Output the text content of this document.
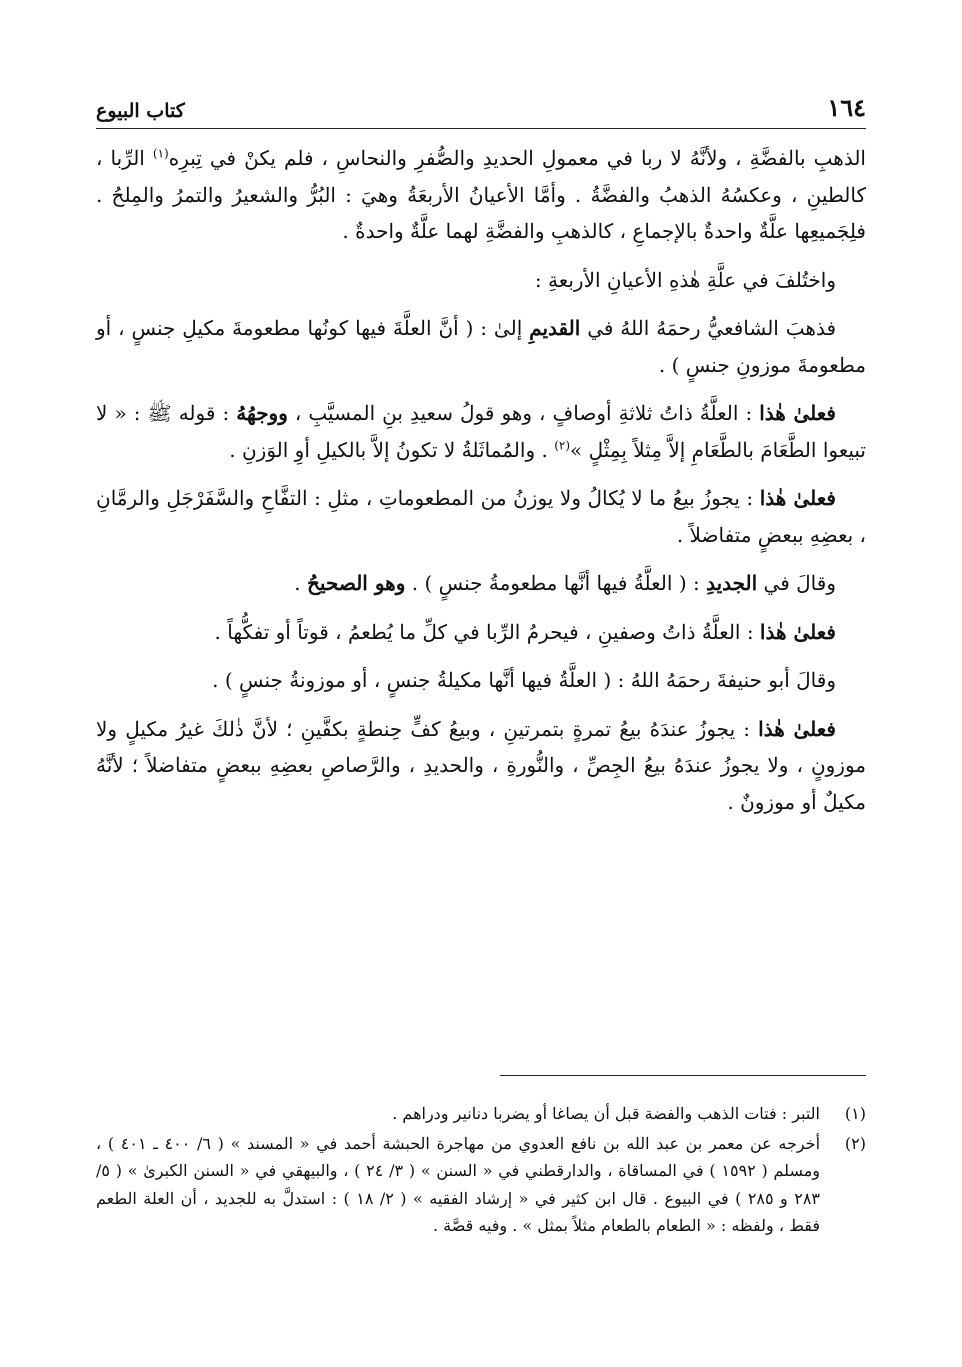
كتاب البيوع	١٦٤

الذهبِ بالفضَّةِ ، ولأنَّهُ لا ربا في معمولِ الحديدِ والصُّفرِ والنحاسِ ، فلم يكنْ في تِبرِه$^{(١)}$ الرِّبا ، كالطينِ ، وعكسُهُ الذهبُ والفضَّةُ . وأمَّا الأعيانُ الأربعَةُ وهيَ : البُرُّ والشعيرُ والتمرُ والمِلحُ . فلِجَميعِها علَّةٌ واحدةٌ بالإجماعِ ، كالذهبِ والفضَّةِ لهما علَّةٌ واحدةٌ .

واختُلفَ في علَّةِ هٰذهِ الأعيانِ الأربعةِ :

فذهبَ الشافعيُّ رحمَهُ اللهُ في القديمِ إلىٰ : ( أنَّ العلَّةَ فيها كونُها مطعومةَ مكيلِ جنسٍ ، أو مطعومةَ موزونِ جنسٍ ) .

فعلىٰ هٰذا : العلَّةُ ذاتُ ثلاثةِ أوصافٍ ، وهو قولُ سعيدِ بنِ المسيَّبِ ، ووجهُهُ : قوله ﷺ : « لا تبيعوا الطَّعَامَ بالطَّعَامِ إلاَّ مِثلاً بِمِثْلٍ »$^{(٢)}$ . والمُماثَلةُ لا تكونُ إلاَّ بالكيلِ أوِ الوَزنِ .

فعلىٰ هٰذا : يجوزُ بيعُ ما لا يُكالُ ولا يوزنُ من المطعوماتِ ، مثلِ : التفَّاحِ والسَّفَرْجَلِ والرمَّانِ ، بعضِهِ ببعضٍ متفاضلاً .

وقالَ في الجديدِ : ( العلَّةُ فيها أنَّها مطعومةُ جنسٍ ) . وهو الصحيحُ .

فعلىٰ هٰذا : العلَّةُ ذاتُ وصفينِ ، فيحرمُ الرِّبا في كلِّ ما يُطعمُ ، قوتاً أو تفكُّهاً .

وقالَ أبو حنيفةَ رحمَهُ اللهُ : ( العلَّةُ فيها أنَّها مكيلةُ جنسٍ ، أو موزونةُ جنسٍ ) .

فعلىٰ هٰذا : يجوزُ عندَهُ بيعُ تمرةٍ بتمرتينِ ، وبيعُ كفٍّ حِنطةٍ بكفَّينِ ؛ لأنَّ ذٰلكَ غيرُ مكيلٍ ولا موزونٍ ، ولا يجوزُ عندَهُ بيعُ الجِصِّ ، والنُّورةِ ، والحديدِ ، والرَّصاصِ بعضِهِ ببعضٍ متفاضلاً ؛ لأنَّهُ مكيلٌ أو موزونٌ .

(١)
التبر : فتات الذهب والفضة قبل أن يصاغا أو يضربا دنانير ودراهم .
(٢)
أخرجه عن معمر بن عبد الله بن نافع العدوي من مهاجرة الحبشة أحمد في « المسند » ( ٦/ ٤٠٠ ـ ٤٠١ ) ، ومسلم ( ١٥٩٢ ) في المساقاة ، والدارقطني في « السنن » ( ٣/ ٢٤ ) ، والبيهقي في « السنن الكبرىٰ » ( ٥/ ٢٨٣ و ٢٨٥ ) في البيوع . قال ابن كثير في « إرشاد الفقيه » ( ٢/ ١٨ ) : استدلَّ به للجديد ، أن العلة الطعم فقط ، ولفظه : « الطعام بالطعام مثلاً بمثل » . وفيه قصَّة .
